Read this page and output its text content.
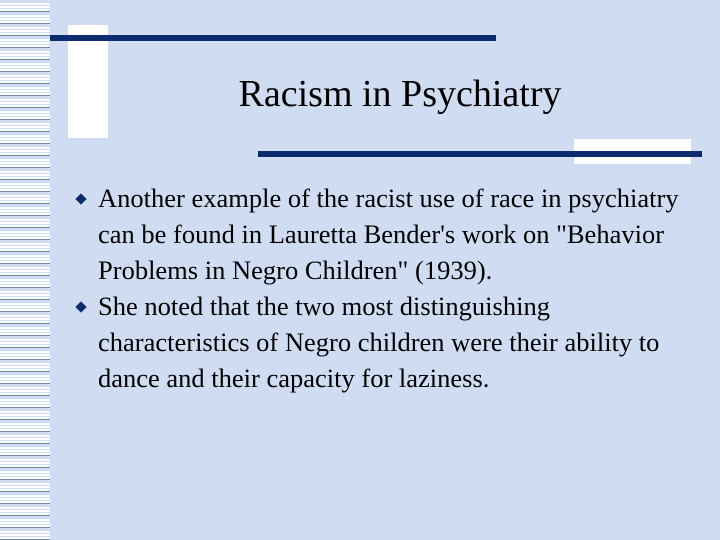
Racism in Psychiatry
Another example of the racist use of race in psychiatry can be found in Lauretta Bender's work on "Behavior Problems in Negro Children" (1939).
She noted that the two most distinguishing characteristics of Negro children were their ability to dance and their capacity for laziness.
